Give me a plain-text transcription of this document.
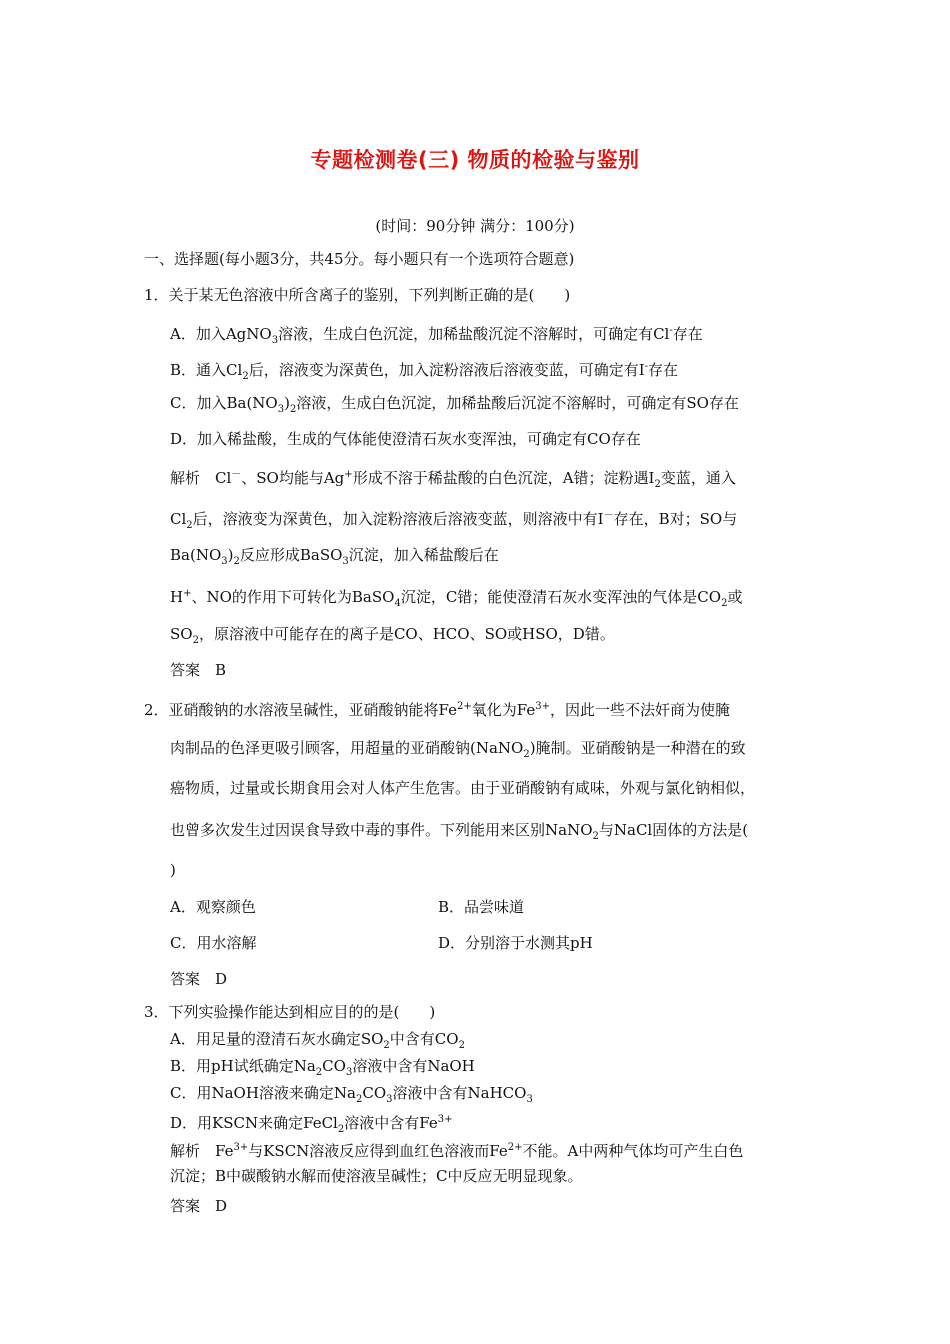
专题检测卷(三) 物质的检验与鉴别
(时间：90分钟 满分：100分)
一、选择题(每小题3分，共45分。每小题只有一个选项符合题意)
1．关于某无色溶液中所含离子的鉴别，下列判断正确的是(　　)
A．加入AgNO$_3$溶液，生成白色沉淀，加稀盐酸沉淀不溶解时，可确定有Cl-存在
B．通入$Cl_2$后，溶液变为深黄色，加入淀粉溶液后溶液变蓝，可确定有I-存在
C．加入$Ba(NO_3)_2$溶液，生成白色沉淀，加稀盐酸后沉淀不溶解时，可确定有SO存在
D．加入稀盐酸，生成的气体能使澄清石灰水变浑浊，可确定有CO存在
解析　Cl－、SO均能与Ag+形成不溶于稀盐酸的白色沉淀，A错；淀粉遇$I_2$变蓝，通入
$Cl_2$后，溶液变为深黄色，加入淀粉溶液后溶液变蓝，则溶液中有I－存在，B对；SO与
$Ba(NO_3)_2$反应形成BaSO$_3$沉淀，加入稀盐酸后在
H+、NO的作用下可转化为BaSO$_4$沉淀，C错；能使澄清石灰水变浑浊的气体是$CO_2$或
$SO_2$，原溶液中可能存在的离子是CO、HCO、SO或HSO，D错。
答案　B
2．亚硝酸钠的水溶液呈碱性，亚硝酸钠能将$Fe^{2+}$氧化为$Fe^{3+}$，因此一些不法奸商为使腌
肉制品的色泽更吸引顾客，用超量的亚硝酸钠(NaNO$_2$)腌制。亚硝酸钠是一种潜在的致
癌物质，过量或长期食用会对人体产生危害。由于亚硝酸钠有咸味，外观与氯化钠相似，
也曾多次发生过因误食导致中毒的事件。下列能用来区别NaNO$_2$与NaCl固体的方法是(
)
A．观察颜色	B．品尝味道
C．用水溶解	D．分别溶于水测其pH
答案　D
3．下列实验操作能达到相应目的的是(　　)
A．用足量的澄清石灰水确定$SO_2$中含有$CO_2$
B．用pH试纸确定$Na_2CO_3$溶液中含有NaOH
C．用NaOH溶液来确定$Na_2CO_3$溶液中含有NaHCO$_3$
D．用KSCN来确定FeCl$_2$溶液中含有$Fe^{3+}$
解析　$Fe^{3+}$与KSCN溶液反应得到血红色溶液而$Fe^{2+}$不能。A中两种气体均可产生白色
沉淀；B中碳酸钠水解而使溶液呈碱性；C中反应无明显现象。
答案　D
